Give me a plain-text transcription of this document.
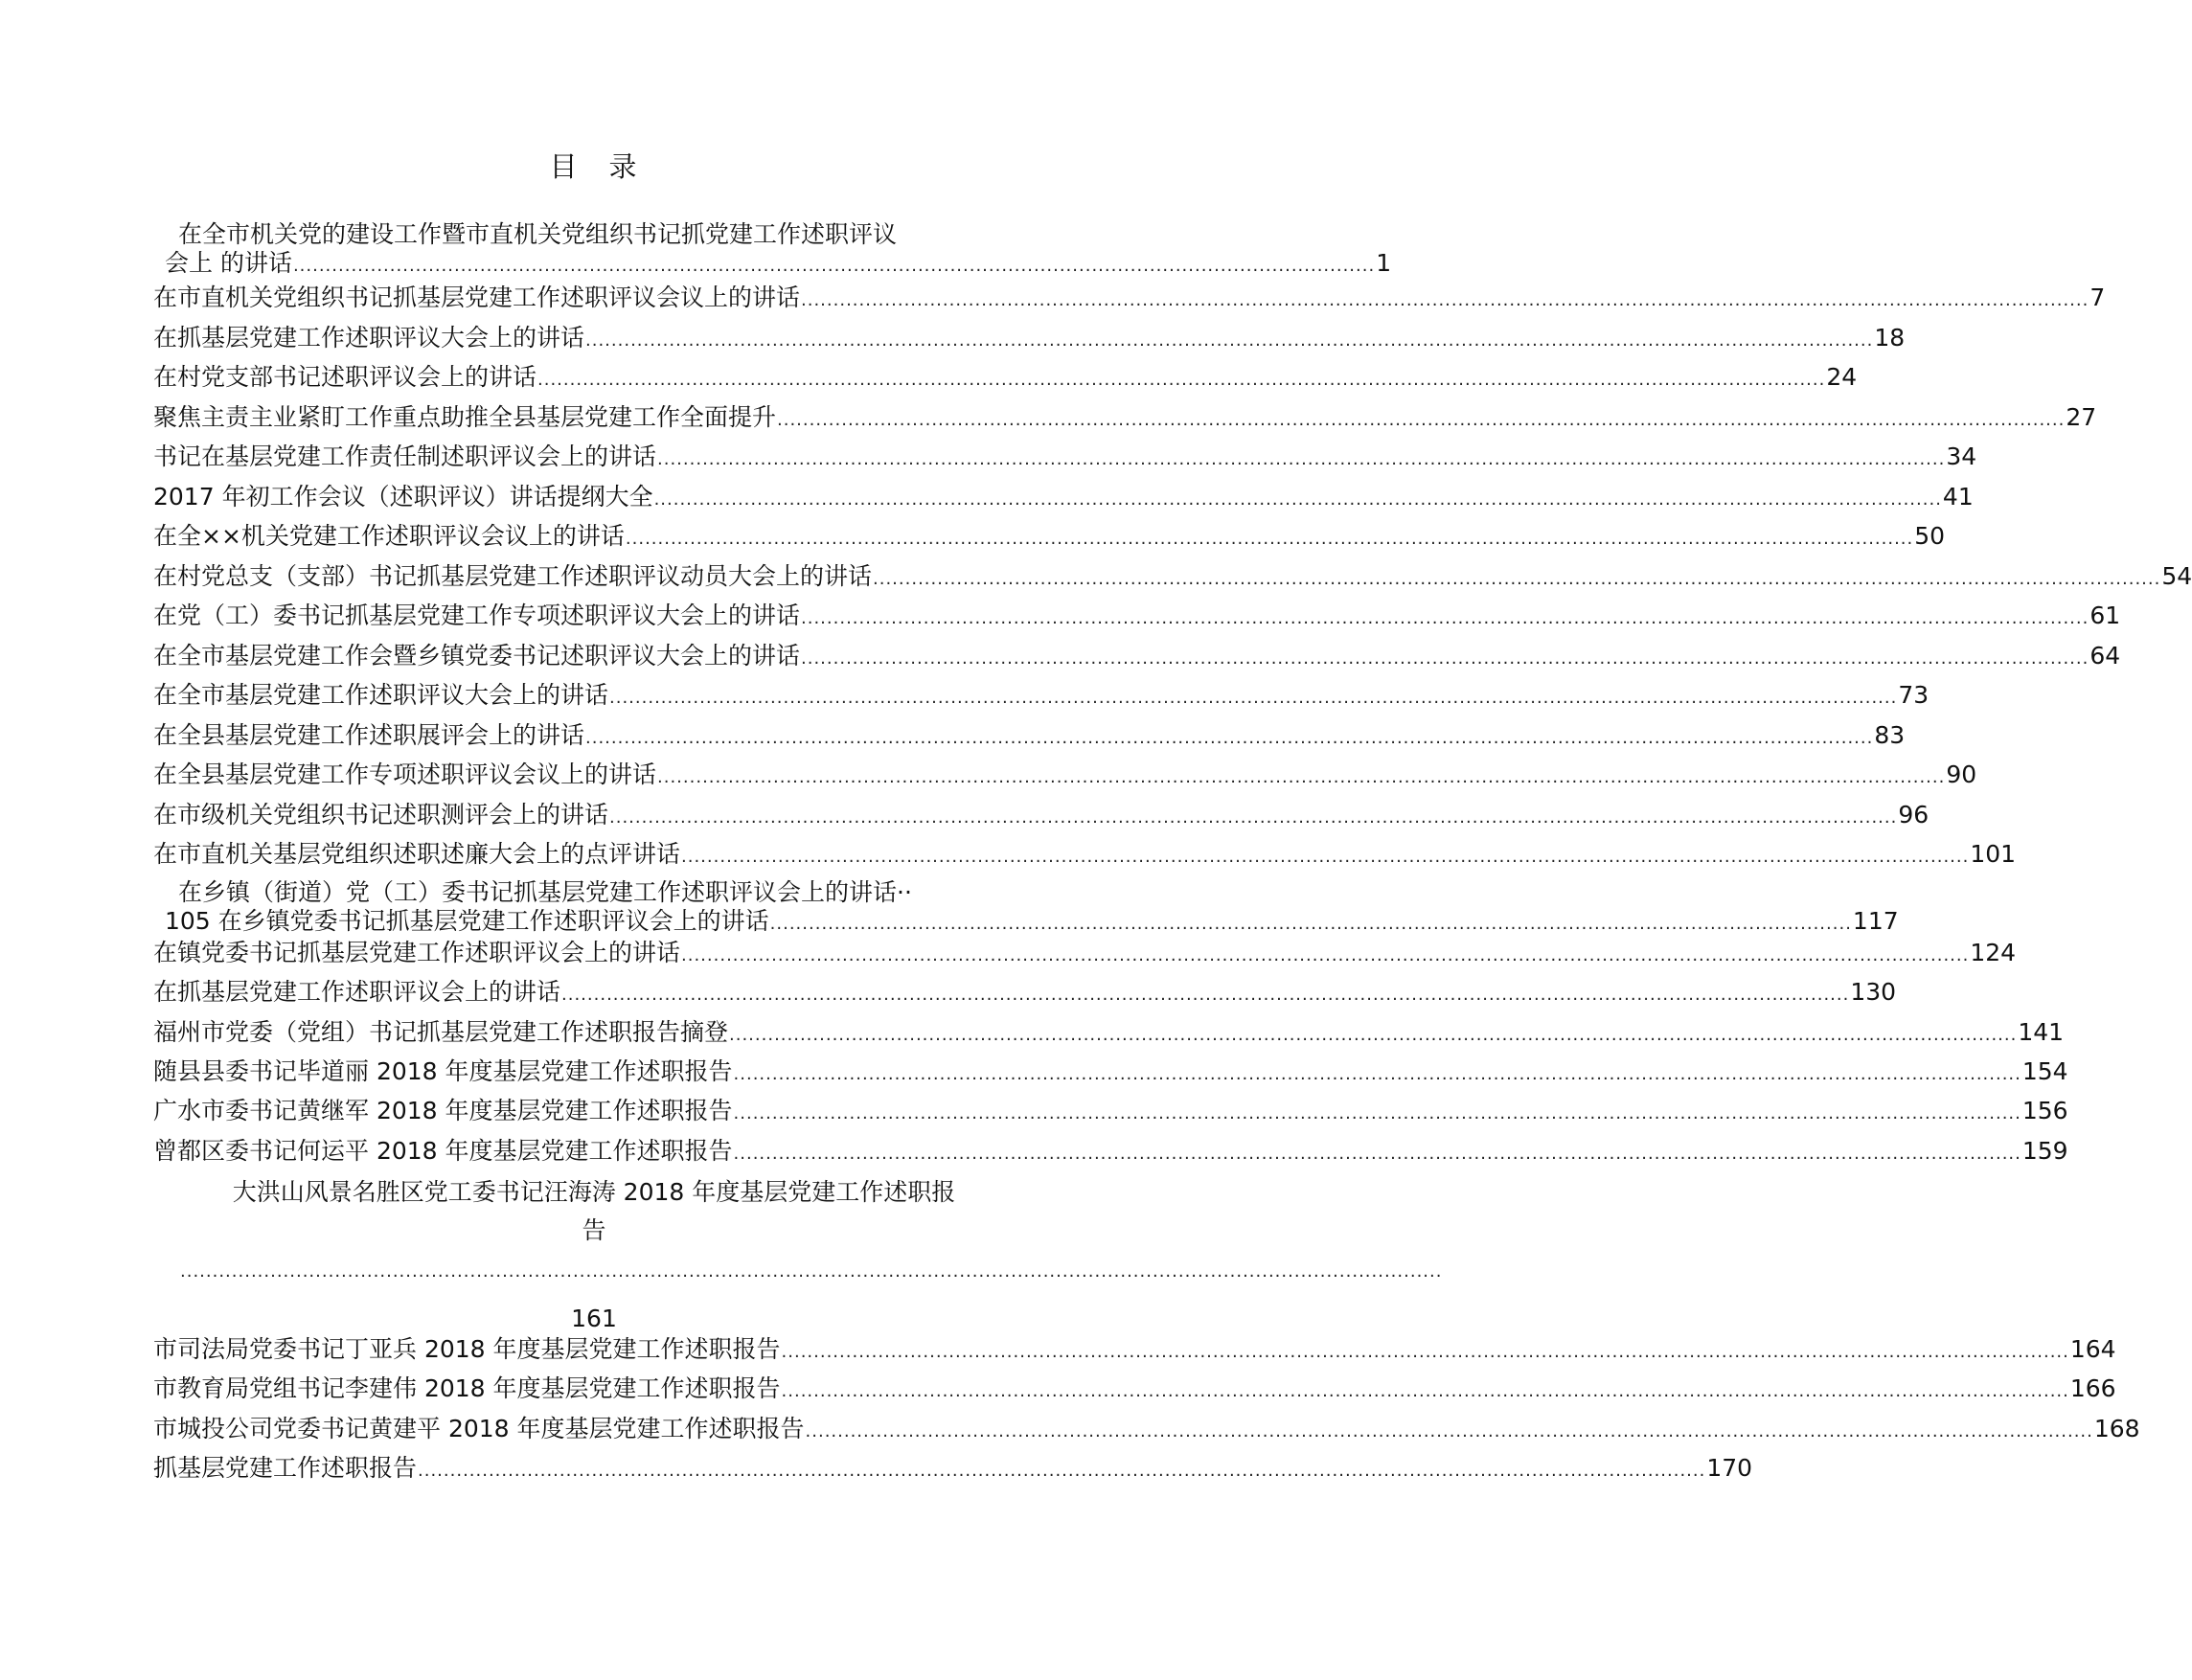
目　录
在全市机关党的建设工作暨市直机关党组织书记抓党建工作述职评议
会上 的讲话 ........................................................................................................................................................................ 1
在市直机关党组织书记抓基层党建工作述职评议会议上的讲话 ........................................................................................................................................................................................................ 7
在抓基层党建工作述职评议大会上的讲话 ........................................................................................................................................................................................................ 18
在村党支部书记述职评议会上的讲话 ........................................................................................................................................................................................................ 24
聚焦主责主业紧盯工作重点助推全县基层党建工作全面提升 ........................................................................................................................................................................................................ 27
书记在基层党建工作责任制述职评议会上的讲话 ........................................................................................................................................................................................................ 34
2017 年初工作会议（述职评议）讲话提纲大全 ........................................................................................................................................................................................................ 41
在全××机关党建工作述职评议会议上的讲话 ........................................................................................................................................................................................................ 50
在村党总支（支部）书记抓基层党建工作述职评议动员大会上的讲话 ........................................................................................................................................................................................................ 54
在党（工）委书记抓基层党建工作专项述职评议大会上的讲话 ........................................................................................................................................................................................................ 61
在全市基层党建工作会暨乡镇党委书记述职评议大会上的讲话 ........................................................................................................................................................................................................ 64
在全市基层党建工作述职评议大会上的讲话 ........................................................................................................................................................................................................ 73
在全县基层党建工作述职展评会上的讲话 ........................................................................................................................................................................................................ 83
在全县基层党建工作专项述职评议会议上的讲话 ........................................................................................................................................................................................................ 90
在市级机关党组织书记述职测评会上的讲话 ........................................................................................................................................................................................................ 96
在市直机关基层党组织述职述廉大会上的点评讲话 ........................................................................................................................................................................................................ 101
在乡镇（街道）党（工）委书记抓基层党建工作述职评议会上的讲话··
105 在乡镇党委书记抓基层党建工作述职评议会上的讲话 ........................................................................................................................................................................ 117
在镇党委书记抓基层党建工作述职评议会上的讲话 ........................................................................................................................................................................................................ 124
在抓基层党建工作述职评议会上的讲话 ........................................................................................................................................................................................................ 130
福州市党委（党组）书记抓基层党建工作述职报告摘登 ........................................................................................................................................................................................................ 141
随县县委书记毕道丽 2018 年度基层党建工作述职报告 ........................................................................................................................................................................................................ 154
广水市委书记黄继军 2018 年度基层党建工作述职报告 ........................................................................................................................................................................................................ 156
曾都区委书记何运平 2018 年度基层党建工作述职报告 ........................................................................................................................................................................................................ 159
大洪山风景名胜区党工委书记汪海涛 2018 年度基层党建工作述职报
告
....................................................................................................................................................................................................
161
市司法局党委书记丁亚兵 2018 年度基层党建工作述职报告 ........................................................................................................................................................................................................ 164
市教育局党组书记李建伟 2018 年度基层党建工作述职报告 ........................................................................................................................................................................................................ 166
市城投公司党委书记黄建平 2018 年度基层党建工作述职报告 ........................................................................................................................................................................................................ 168
抓基层党建工作述职报告 ........................................................................................................................................................................................................ 170
